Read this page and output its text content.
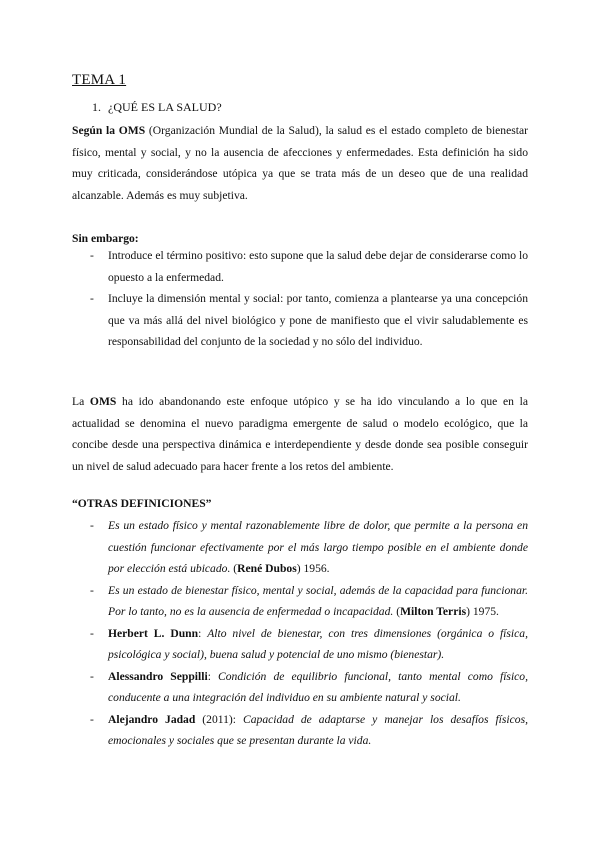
TEMA 1
1. ¿QUÉ ES LA SALUD?

Según la OMS (Organización Mundial de la Salud), la salud es el estado completo de bienestar físico, mental y social, y no la ausencia de afecciones y enfermedades. Esta definición ha sido muy criticada, considerándose utópica ya que se trata más de un deseo que de una realidad alcanzable. Además es muy subjetiva.

Sin embargo:
- Introduce el término positivo: esto supone que la salud debe dejar de considerarse como lo opuesto a la enfermedad.
- Incluye la dimensión mental y social: por tanto, comienza a plantearse ya una concepción que va más allá del nivel biológico y pone de manifiesto que el vivir saludablemente es responsabilidad del conjunto de la sociedad y no sólo del individuo.

La OMS ha ido abandonando este enfoque utópico y se ha ido vinculando a lo que en la actualidad se denomina el nuevo paradigma emergente de salud o modelo ecológico, que la concibe desde una perspectiva dinámica e interdependiente y desde donde sea posible conseguir un nivel de salud adecuado para hacer frente a los retos del ambiente.

“OTRAS DEFINICIONES”
- Es un estado físico y mental razonablemente libre de dolor, que permite a la persona en cuestión funcionar efectivamente por el más largo tiempo posible en el ambiente donde por elección está ubicado. (René Dubos) 1956.
- Es un estado de bienestar físico, mental y social, además de la capacidad para funcionar. Por lo tanto, no es la ausencia de enfermedad o incapacidad. (Milton Terris) 1975.
- Herbert L. Dunn: Alto nivel de bienestar, con tres dimensiones (orgánica o física, psicológica y social), buena salud y potencial de uno mismo (bienestar).
- Alessandro Seppilli: Condición de equilibrio funcional, tanto mental como físico, conducente a una integración del individuo en su ambiente natural y social.
- Alejandro Jadad (2011): Capacidad de adaptarse y manejar los desafíos físicos, emocionales y sociales que se presentan durante la vida.
